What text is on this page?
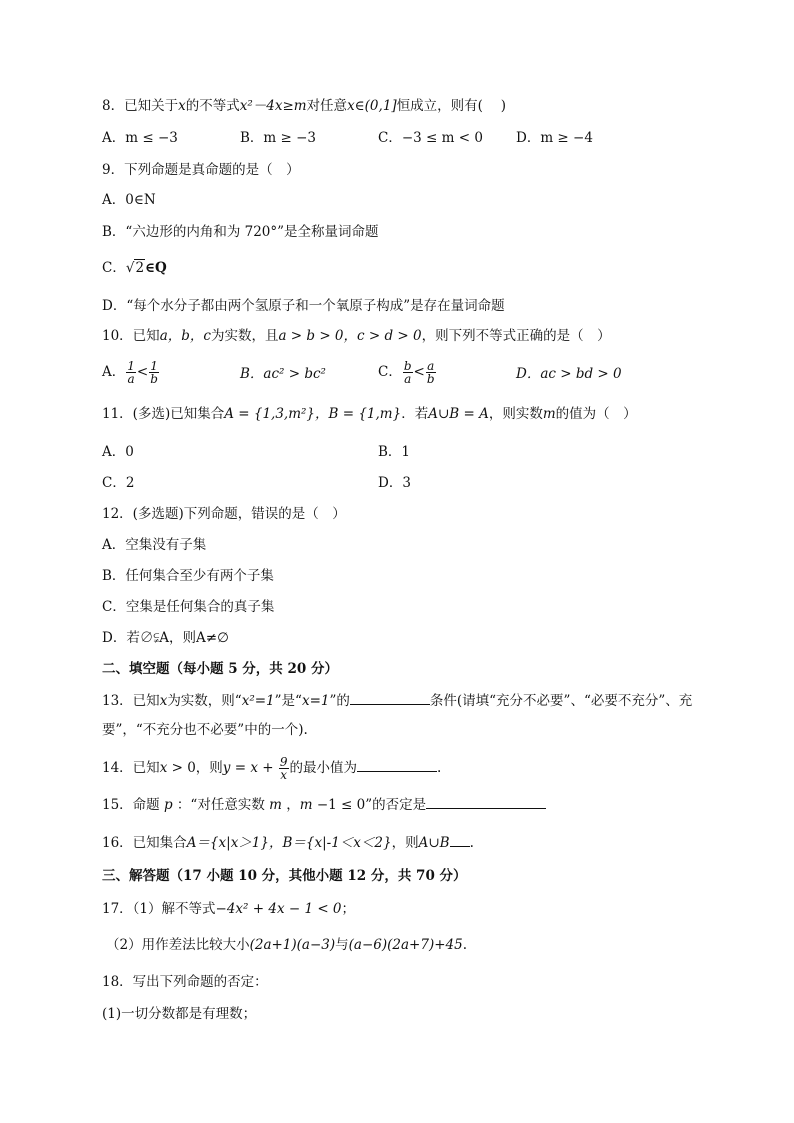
8．已知关于x的不等式x²－4x≥m对任意x∈(0,1]恒成立，则有(　 )
A．m ≤ −3	B．m ≥ −3	C．−3 ≤ m < 0 D．m ≥ −4
9．下列命题是真命题的是（　）
A．0∈N
B．“六边形的内角和为 720°”是全称量词命题
C．√2∈Q
D．“每个水分子都由两个氢原子和一个氧原子构成”是存在量词命题
10．已知a，b，c为实数，且a > b > 0，c > d > 0，则下列不等式正确的是（　）
A． $\frac{1}{a} < \frac{1}{b}$	B．ac² > bc²	C． $\frac{b}{a} < \frac{a}{b}$	D．ac > bd > 0
11．(多选)已知集合A = {1,3,m²}，B = {1,m}．若A∪B = A，则实数m的值为（　）
A．0	B．1
C．2	D．3
12．(多选题)下列命题，错误的是（　）
A．空集没有子集
B．任何集合至少有两个子集
C．空集是任何集合的真子集
D．若∅⫋A，则A≠∅
二、填空题（每小题 5 分，共 20 分）
13．已知x为实数，则“x²=1”是“x=1”的	条件(请填“充分不必要”、“必要不充分”、充
要”，“不充分也不必要”中的一个).
14．已知x > 0，则$y = x + \frac{9}{x}$ 的最小值为	.
15．命题 p ：“对任意实数 m ，m −1 ≤ 0”的否定是
16．已知集合A＝{x|x＞1}，B＝{x|-1＜x＜2}，则A∪B .
三、解答题（17 小题 10 分，其他小题 12 分，共 70 分）
17．（1）解不等式−4x² + 4x − 1 < 0；
（2）用作差法比较大小(2a+1)(a−3)与(a−6)(2a+7)+45.
18．写出下列命题的否定：
(1)一切分数都是有理数；
